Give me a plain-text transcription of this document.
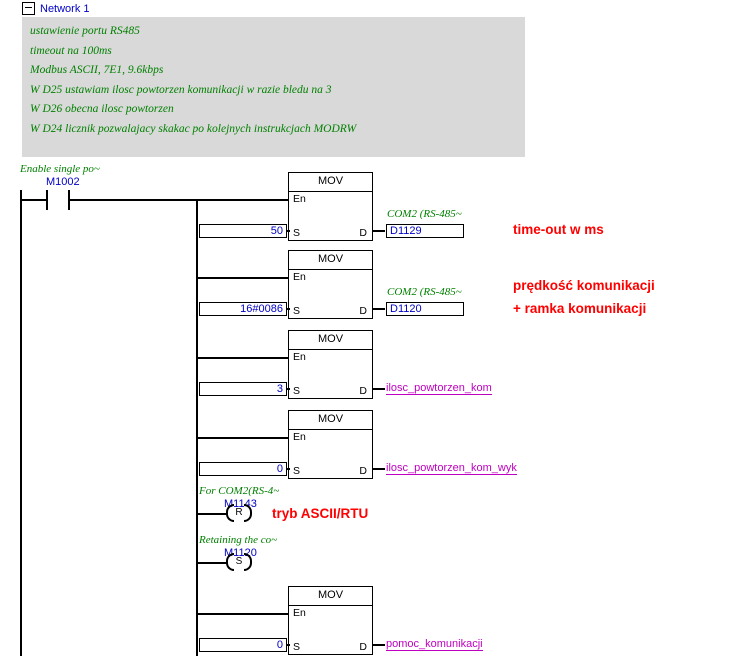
Network 1
ustawienie portu RS485
timeout na 100ms
Modbus ASCII, 7E1, 9.6kbps
W D25 ustawiam ilosc powtorzen komunikacji w razie bledu na 3
W D26 obecna ilosc powtorzen
W D24 licznik pozwalajacy skakac po kolejnych instrukcjach MODRW
Enable single po~
M1002	MOV
En
S	D
50
COM2 (RS-485~
D1129	time-out w ms
MOV
En
S	D
16#0086
COM2 (RS-485~
D1120
prędkość komunikacji
+ ramka komunikacji
MOV
En
S	D
3	ilosc_powtorzen_kom
MOV
En
S	D
0	ilosc_powtorzen_kom_wyk
For COM2(RS-4~
M1143
R	tryb ASCII/RTU
Retaining the co~
M1120
S
MOV
En
S	D
0	pomoc_komunikacji
